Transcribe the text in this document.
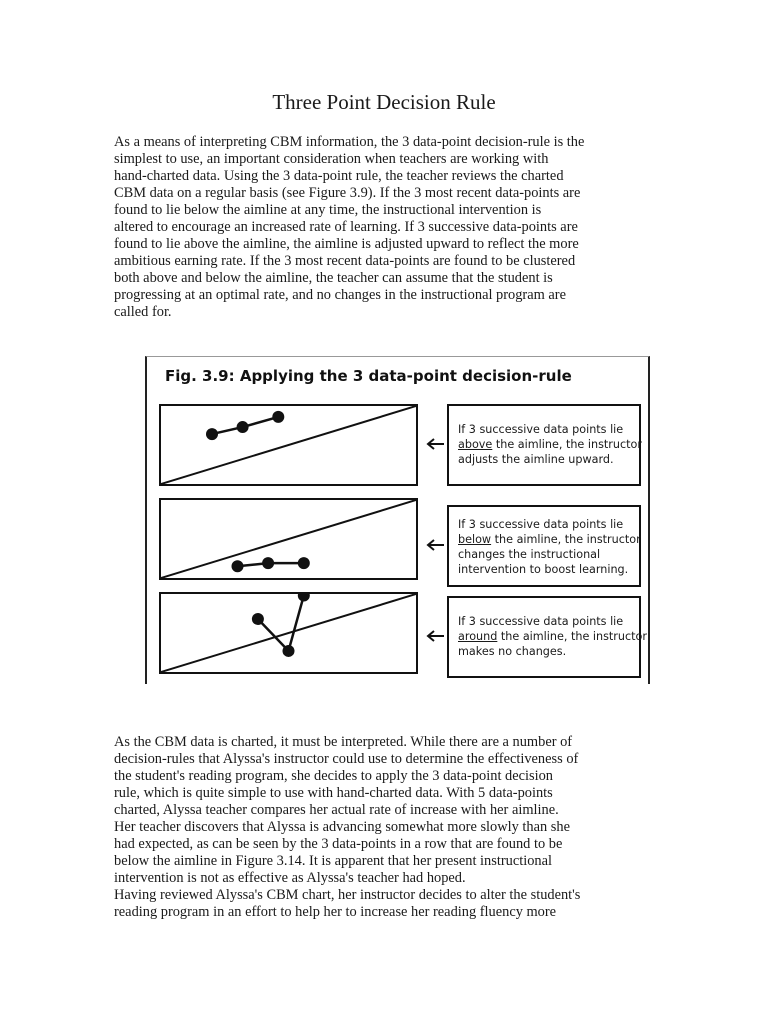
Three Point Decision Rule
As a means of interpreting CBM information, the 3 data-point decision-rule is the
simplest to use, an important consideration when teachers are working with
hand-charted data. Using the 3 data-point rule, the teacher reviews the charted
CBM data on a regular basis (see Figure 3.9). If the 3 most recent data-points are
found to lie below the aimline at any time, the instructional intervention is
altered to encourage an increased rate of learning. If 3 successive data-points are
found to lie above the aimline, the aimline is adjusted upward to reflect the more
ambitious earning rate. If the 3 most recent data-points are found to be clustered
both above and below the aimline, the teacher can assume that the student is
progressing at an optimal rate, and no changes in the instructional program are
called for.
Fig. 3.9: Applying the 3 data-point decision-rule
If 3 successive data points lie
above the aimline, the instructor
adjusts the aimline upward.
If 3 successive data points lie
below the aimline, the instructor
changes the instructional
intervention to boost learning.
If 3 successive data points lie
around the aimline, the instructor
makes no changes.
As the CBM data is charted, it must be interpreted. While there are a number of
decision-rules that Alyssa's instructor could use to determine the effectiveness of
the student's reading program, she decides to apply the 3 data-point decision
rule, which is quite simple to use with hand-charted data. With 5 data-points
charted, Alyssa teacher compares her actual rate of increase with her aimline.
Her teacher discovers that Alyssa is advancing somewhat more slowly than she
had expected, as can be seen by the 3 data-points in a row that are found to be
below the aimline in Figure 3.14. It is apparent that her present instructional
intervention is not as effective as Alyssa's teacher had hoped.
Having reviewed Alyssa's CBM chart, her instructor decides to alter the student's
reading program in an effort to help her to increase her reading fluency more
